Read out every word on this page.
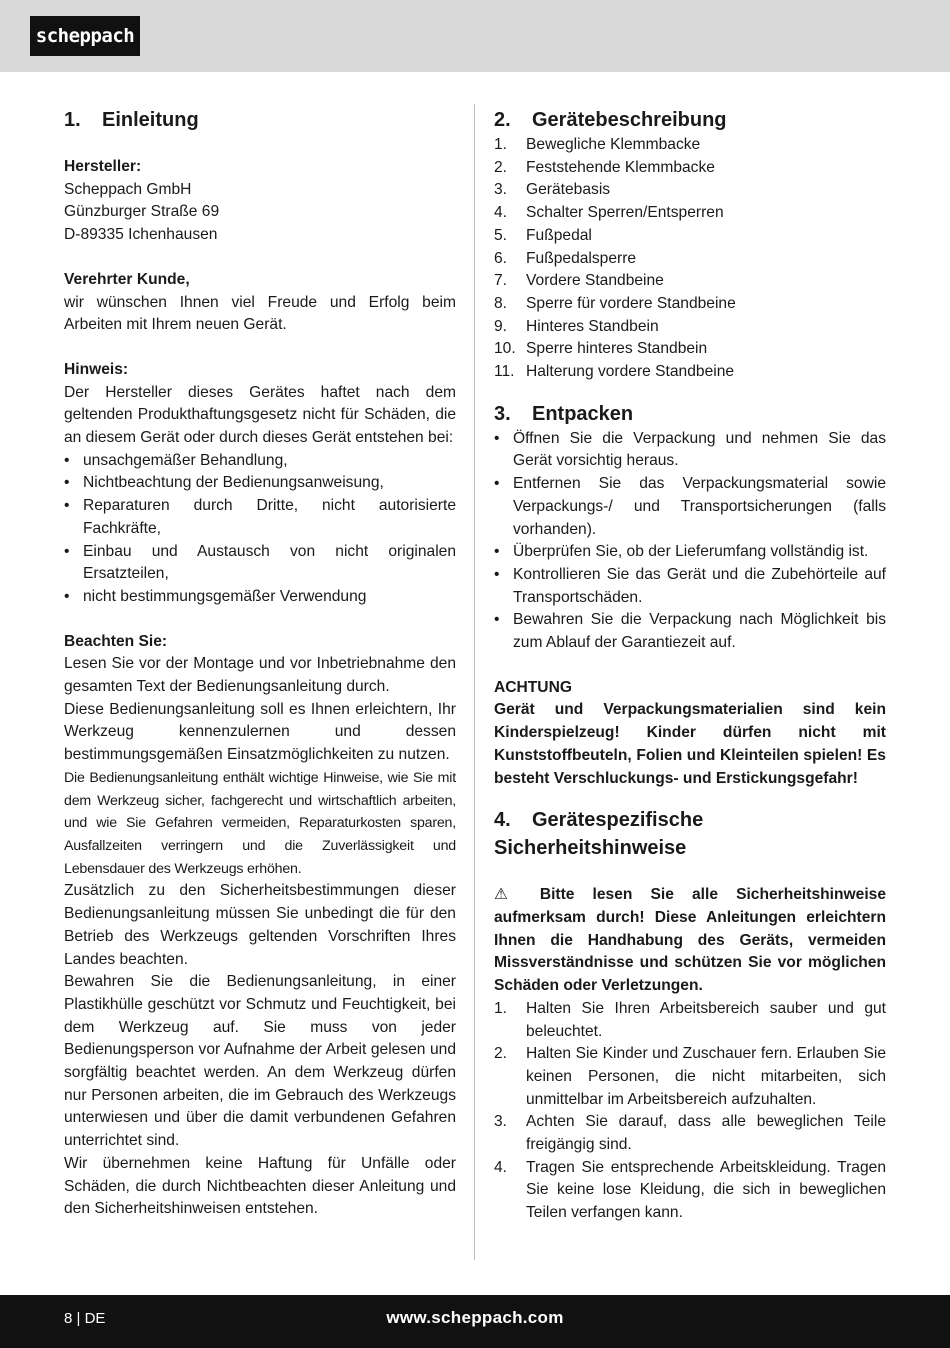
scheppach
1. Einleitung

Hersteller:

Scheppach GmbH

Günzburger Straße 69

D-89335 Ichenhausen

Verehrter Kunde,

wir wünschen Ihnen viel Freude und Erfolg beim Arbeiten mit Ihrem neuen Gerät.

Hinweis:

Der Hersteller dieses Gerätes haftet nach dem geltenden Produkthaftungsgesetz nicht für Schäden, die an diesem Gerät oder durch dieses Gerät entstehen bei:

• unsachgemäßer Behandlung,
• Nichtbeachtung der Bedienungsanweisung,
• Reparaturen durch Dritte, nicht autorisierte Fachkräfte,
• Einbau und Austausch von nicht originalen Ersatzteilen,
• nicht bestimmungsgemäßer Verwendung

Beachten Sie:

Lesen Sie vor der Montage und vor Inbetriebnahme den gesamten Text der Bedienungsanleitung durch.

Diese Bedienungsanleitung soll es Ihnen erleichtern, Ihr Werkzeug kennenzulernen und dessen bestimmungsgemäßen Einsatzmöglichkeiten zu nutzen.

Die Bedienungsanleitung enthält wichtige Hinweise, wie Sie mit dem Werkzeug sicher, fachgerecht und wirtschaftlich arbeiten, und wie Sie Gefahren vermeiden, Reparaturkosten sparen, Ausfallzeiten verringern und die Zuverlässigkeit und Lebensdauer des Werkzeugs erhöhen.

Zusätzlich zu den Sicherheitsbestimmungen dieser Bedienungsanleitung müssen Sie unbedingt die für den Betrieb des Werkzeugs geltenden Vorschriften Ihres Landes beachten.

Bewahren Sie die Bedienungsanleitung, in einer Plastikhülle geschützt vor Schmutz und Feuchtigkeit, bei dem Werkzeug auf. Sie muss von jeder Bedienungsperson vor Aufnahme der Arbeit gelesen und sorgfältig beachtet werden. An dem Werkzeug dürfen nur Personen arbeiten, die im Gebrauch des Werkzeugs unterwiesen und über die damit verbundenen Gefahren unterrichtet sind.

Wir übernehmen keine Haftung für Unfälle oder Schäden, die durch Nichtbeachten dieser Anleitung und den Sicherheitshinweisen entstehen.

2. Gerätebeschreibung
1. Bewegliche Klemmbacke
2. Feststehende Klemmbacke
3. Gerätebasis
4. Schalter Sperren/Entsperren
5. Fußpedal
6. Fußpedalsperre
7. Vordere Standbeine
8. Sperre für vordere Standbeine
9. Hinteres Standbein
10. Sperre hinteres Standbein
11. Halterung vordere Standbeine
3. Entpacken
• Öffnen Sie die Verpackung und nehmen Sie das Gerät vorsichtig heraus.
• Entfernen Sie das Verpackungsmaterial sowie Verpackungs-/ und Transportsicherungen (falls vorhanden).
• Überprüfen Sie, ob der Lieferumfang vollständig ist.
• Kontrollieren Sie das Gerät und die Zubehörteile auf Transportschäden.
• Bewahren Sie die Verpackung nach Möglichkeit bis zum Ablauf der Garantiezeit auf.

ACHTUNG

Gerät und Verpackungsmaterialien sind kein Kinderspielzeug! Kinder dürfen nicht mit Kunststoffbeuteln, Folien und Kleinteilen spielen! Es besteht Verschluckungs- und Erstickungsgefahr!

4. Gerätespezifische Sicherheitshinweise

⚠ Bitte lesen Sie alle Sicherheitshinweise aufmerksam durch! Diese Anleitungen erleichtern Ihnen die Handhabung des Geräts, vermeiden Missverständnisse und schützen Sie vor möglichen Schäden oder Verletzungen.

1. Halten Sie Ihren Arbeitsbereich sauber und gut beleuchtet.
2. Halten Sie Kinder und Zuschauer fern. Erlauben Sie keinen Personen, die nicht mitarbeiten, sich unmittelbar im Arbeitsbereich aufzuhalten.
3. Achten Sie darauf, dass alle beweglichen Teile freigängig sind.
4. Tragen Sie entsprechende Arbeitskleidung. Tragen Sie keine lose Kleidung, die sich in beweglichen Teilen verfangen kann.
8 | DE	www.scheppach.com
